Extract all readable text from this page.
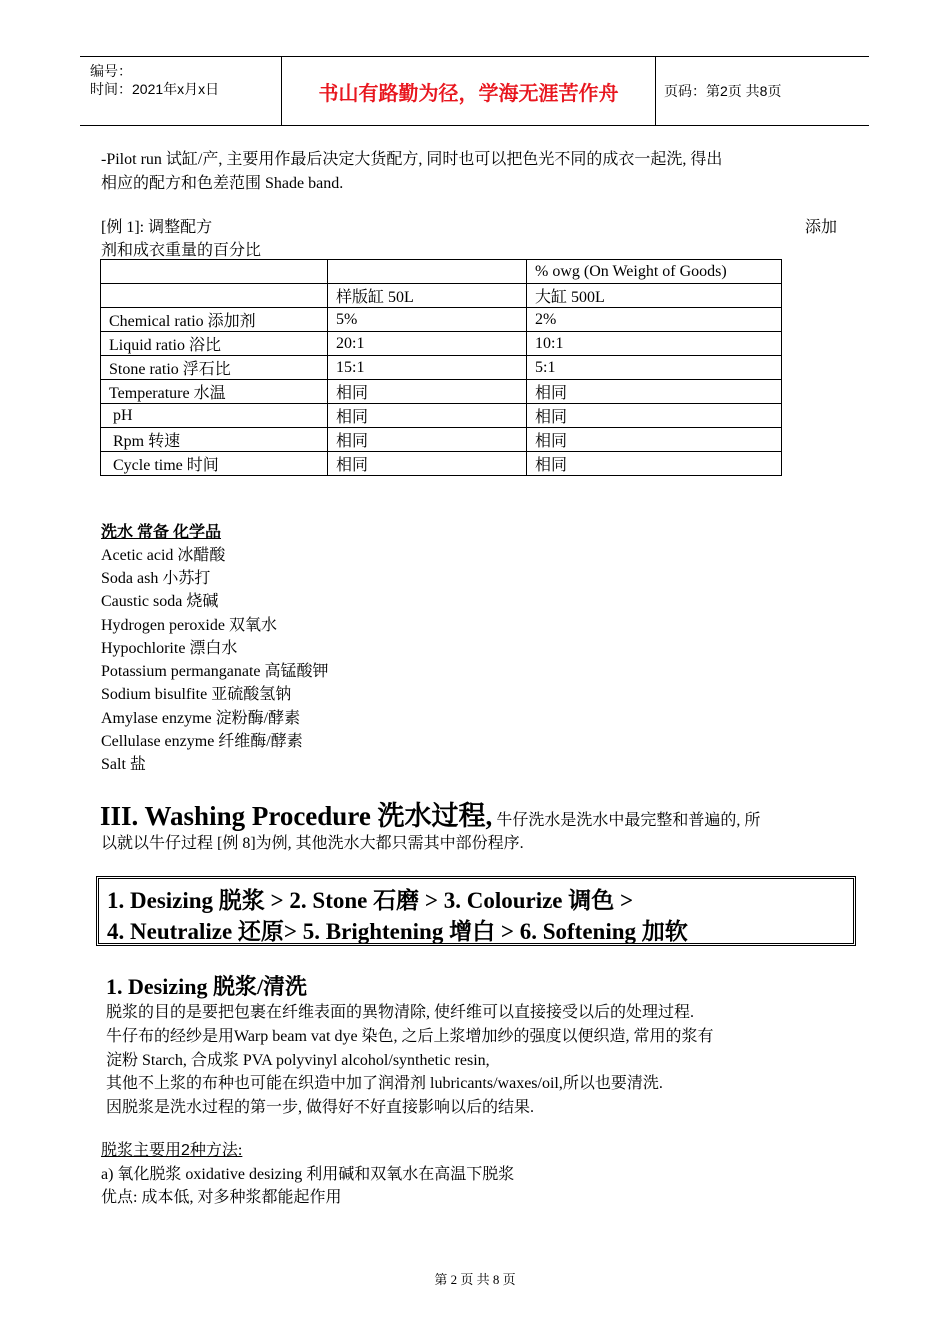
编号：
时间：2021年x月x日	书山有路勤为径，学海无涯苦作舟	页码：第2页 共8页
-Pilot run 试缸/产, 主要用作最后决定大货配方, 同时也可以把色光不同的成衣一起洗, 得出
相应的配方和色差范围 Shade band.
[例 1]: 调整配方	添加
剂和成衣重量的百分比
		% owg (On Weight of Goods)
	样版缸 50L	大缸 500L
Chemical ratio 添加剂	5%	2%
Liquid ratio 浴比	20:1	10:1
Stone ratio 浮石比	15:1	5:1
Temperature 水温	相同	相同
pH	相同	相同
Rpm 转速	相同	相同
Cycle time 时间	相同	相同
洗水 常备 化学品
Acetic acid 冰醋酸
Soda ash 小苏打
Caustic soda 烧碱
Hydrogen peroxide 双氧水
Hypochlorite 漂白水
Potassium permanganate 高锰酸钾
Sodium bisulfite 亚硫酸氢钠
Amylase enzyme 淀粉酶/酵素
Cellulase enzyme 纤维酶/酵素
Salt 盐
III. Washing Procedure 洗水过程, 牛仔洗水是洗水中最完整和普遍的, 所
以就以牛仔过程 [例 8]为例, 其他洗水大都只需其中部份程序.
1. Desizing 脱浆 > 2. Stone 石磨 > 3. Colourize 调色 >
4. Neutralize 还原> 5. Brightening 增白 > 6. Softening 加软
1. Desizing 脱浆/清洗
脱浆的目的是要把包裹在纤维表面的異物清除, 使纤维可以直接接受以后的处理过程.
牛仔布的经纱是用Warp beam vat dye 染色, 之后上浆增加纱的强度以便织造, 常用的浆有
淀粉 Starch, 合成浆 PVA polyvinyl alcohol/synthetic resin,
其他不上浆的布种也可能在织造中加了润滑剂 lubricants/waxes/oil,所以也要清洗.
因脱浆是洗水过程的第一步, 做得好不好直接影响以后的结果.
脱浆主要用2种方法:
a) 氧化脱浆 oxidative desizing 利用碱和双氧水在高温下脱浆
优点: 成本低, 对多种浆都能起作用
第 2 页 共 8 页
